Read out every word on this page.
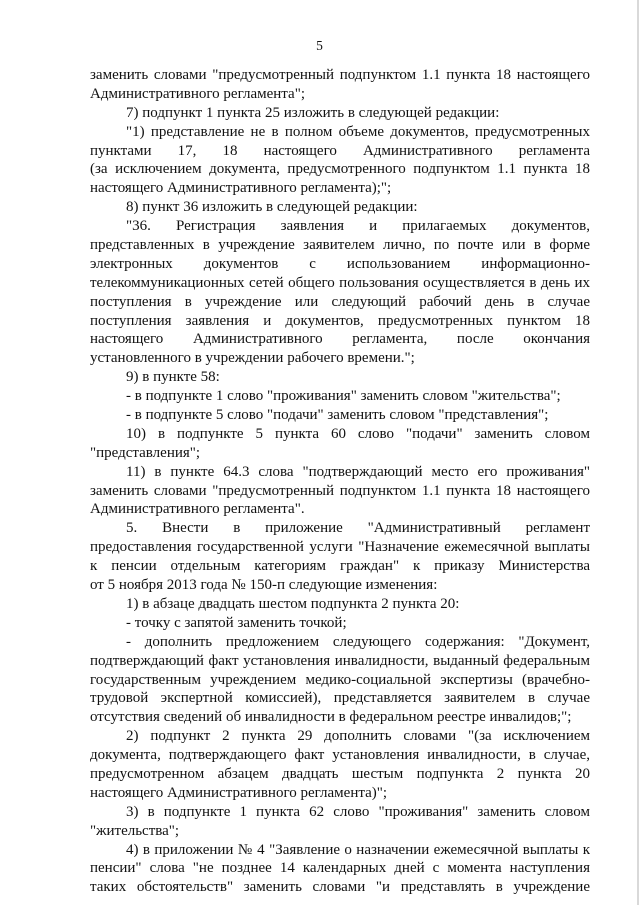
5
заменить словами "предусмотренный подпунктом 1.1 пункта 18 настоящего
Административного регламента";
7) подпункт 1 пункта 25 изложить в следующей редакции:
"1) представление не в полном объеме документов, предусмотренных
пунктами 17, 18 настоящего Административного регламента
(за исключением документа, предусмотренного подпунктом 1.1 пункта 18
настоящего Административного регламента);";
8) пункт 36 изложить в следующей редакции:
"36. Регистрация заявления и прилагаемых документов,
представленных в учреждение заявителем лично, по почте или в форме
электронных документов с использованием информационно-
телекоммуникационных сетей общего пользования осуществляется в день их
поступления в учреждение или следующий рабочий день в случае
поступления заявления и документов, предусмотренных пунктом 18
настоящего Административного регламента, после окончания
установленного в учреждении рабочего времени.";
9) в пункте 58:
- в подпункте 1 слово "проживания" заменить словом "жительства";
- в подпункте 5 слово "подачи" заменить словом "представления";
10) в подпункте 5 пункта 60 слово "подачи" заменить словом
"представления";
11) в пункте 64.3 слова "подтверждающий место его проживания"
заменить словами "предусмотренный подпунктом 1.1 пункта 18 настоящего
Административного регламента".
5. Внести в приложение "Административный регламент
предоставления государственной услуги "Назначение ежемесячной выплаты
к пенсии отдельным категориям граждан" к приказу Министерства
от 5 ноября 2013 года № 150-п следующие изменения:
1) в абзаце двадцать шестом подпункта 2 пункта 20:
- точку с запятой заменить точкой;
- дополнить предложением следующего содержания: "Документ,
подтверждающий факт установления инвалидности, выданный федеральным
государственным учреждением медико-социальной экспертизы (врачебно-
трудовой экспертной комиссией), представляется заявителем в случае
отсутствия сведений об инвалидности в федеральном реестре инвалидов;";
2) подпункт 2 пункта 29 дополнить словами "(за исключением
документа, подтверждающего факт установления инвалидности, в случае,
предусмотренном абзацем двадцать шестым подпункта 2 пункта 20
настоящего Административного регламента)";
3) в подпункте 1 пункта 62 слово "проживания" заменить словом
"жительства";
4) в приложении № 4 "Заявление о назначении ежемесячной выплаты к
пенсии" слова "не позднее 14 календарных дней с момента наступления
таких обстоятельств" заменить словами "и представлять в учреждение
